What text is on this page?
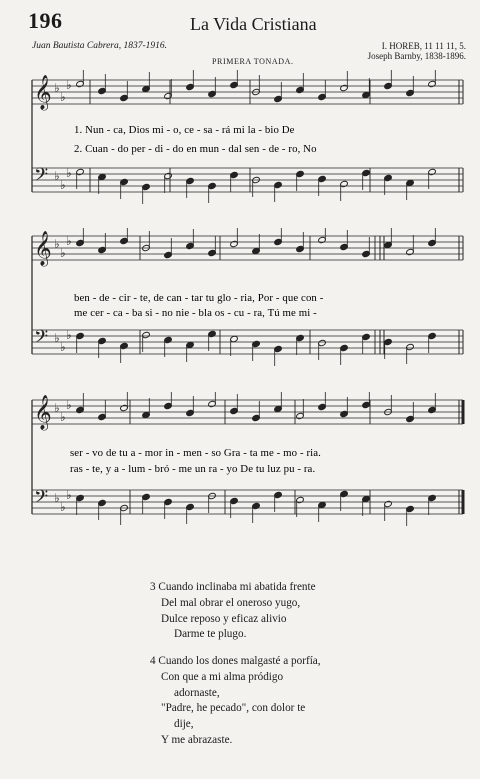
196	La Vida Cristiana
Juan Bautista Cabrera, 1837-1916.	I. HOREB, 11 11 11, 5.
Joseph Barnby, 1838-1896.
PRIMERA TONADA.
𝄞 ♭
♭
♭
𝄢 ♭
♭
♭
1. Nun - ca, Dios mi - o, ce - sa - rá mi la - bio De
2. Cuan - do per - di - do en mun - dal sen - de - ro, No
𝄞 ♭
♭
♭
𝄢 ♭
♭
♭
ben - de - cir - te, de can - tar tu glo - ria, Por - que con -
me cer - ca - ba si - no nie - bla os - cu - ra, Tú me mi -
𝄞 ♭
♭
♭
𝄢 ♭
♭
♭
ser - vo de tu a - mor in - men - so Gra - ta me - mo - ria.
ras - te, y a - lum - bró - me un ra - yo De tu luz pu - ra.
3 Cuando inclinaba mi abatida frente
Del mal obrar el oneroso yugo,
Dulce reposo y eficaz alivio
Darme te plugo.
4 Cuando los dones malgasté a porfía,
Con que a mi alma pródigo
adornaste,
"Padre, he pecado", con dolor te
dije,
Y me abrazaste.
